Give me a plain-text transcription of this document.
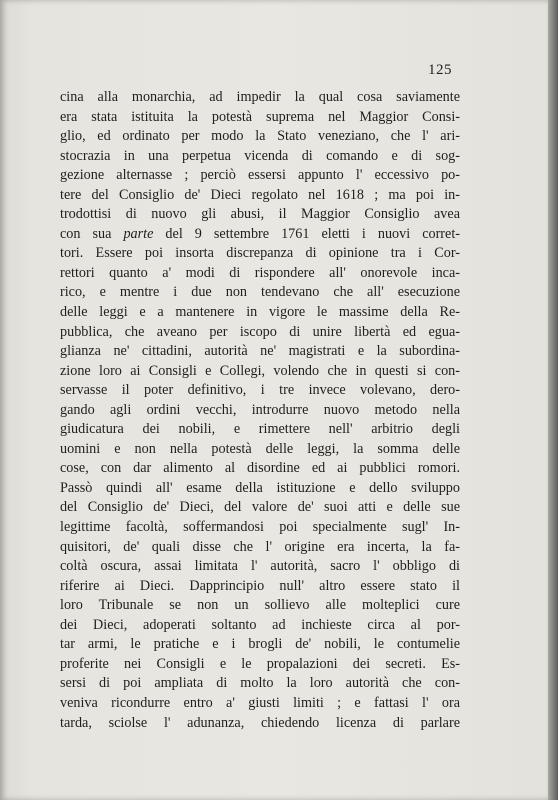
125
cina alla monarchia, ad impedir la qual cosa saviamente
era stata istituita la potestà suprema nel Maggior Consi-
glio, ed ordinato per modo la Stato veneziano, che l' ari-
stocrazia in una perpetua vicenda di comando e di sog-
gezione alternasse ; perciò essersi appunto l' eccessivo po-
tere del Consiglio de' Dieci regolato nel 1618 ; ma poi in-
trodottisi di nuovo gli abusi, il Maggior Consiglio avea
con sua parte del 9 settembre 1761 eletti i nuovi corret-
tori. Essere poi insorta discrepanza di opinione tra i Cor-
rettori quanto a' modi di rispondere all' onorevole inca-
rico, e mentre i due non tendevano che all' esecuzione
delle leggi e a mantenere in vigore le massime della Re-
pubblica, che aveano per iscopo di unire libertà ed egua-
glianza ne' cittadini, autorità ne' magistrati e la subordina-
zione loro ai Consigli e Collegi, volendo che in questi si con-
servasse il poter definitivo, i tre invece volevano, dero-
gando agli ordini vecchi, introdurre nuovo metodo nella
giudicatura dei nobili, e rimettere nell' arbitrio degli
uomini e non nella potestà delle leggi, la somma delle
cose, con dar alimento al disordine ed ai pubblici romori.
Passò quindi all' esame della istituzione e dello sviluppo
del Consiglio de' Dieci, del valore de' suoi atti e delle sue
legittime facoltà, soffermandosi poi specialmente sugl' In-
quisitori, de' quali disse che l' origine era incerta, la fa-
coltà oscura, assai limitata l' autorità, sacro l' obbligo di
riferire ai Dieci. Dapprincipio null' altro essere stato il
loro Tribunale se non un sollievo alle molteplici cure
dei Dieci, adoperati soltanto ad inchieste circa al por-
tar armi, le pratiche e i brogli de' nobili, le contumelie
proferite nei Consigli e le propalazioni dei secreti. Es-
sersi di poi ampliata di molto la loro autorità che con-
veniva ricondurre entro a' giusti limiti ; e fattasi l' ora
tarda, sciolse l' adunanza, chiedendo licenza di parlare
